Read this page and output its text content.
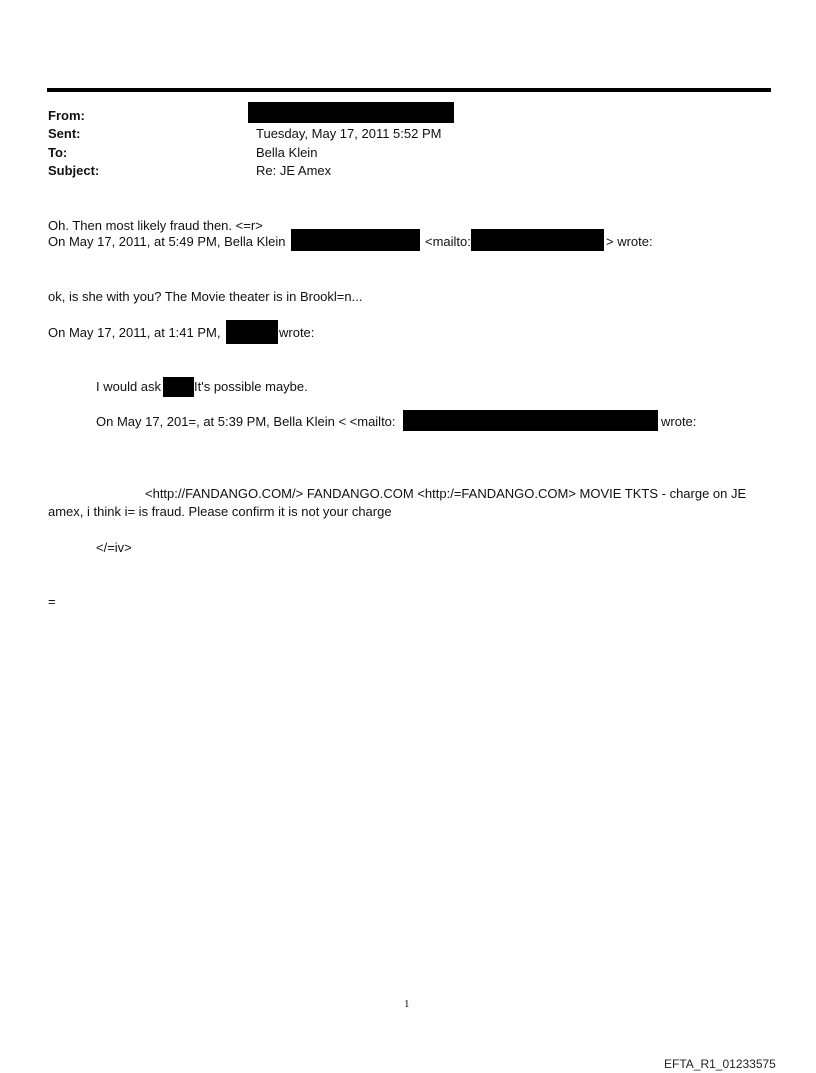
From:
Sent:	Tuesday, May 17, 2011 5:52 PM
To:	Bella Klein
Subject:	Re: JE Amex
Oh. Then most likely fraud then. <=r>
On May 17, 2011, at 5:49 PM, Bella Klein	<mailto:	> wrote:
ok, is she with you? The Movie theater is in Brookl=n...
On May 17, 2011, at 1:41 PM,	wrote:
I would ask	It's possible maybe.
On May 17, 201=, at 5:39 PM, Bella Klein < <mailto:	wrote:
<http://FANDANGO.COM/> FANDANGO.COM <http:/=FANDANGO.COM> MOVIE TKTS - charge on JE
amex, i think i= is fraud. Please confirm it is not your charge
</=iv>
=
1
EFTA_R1_01233575
